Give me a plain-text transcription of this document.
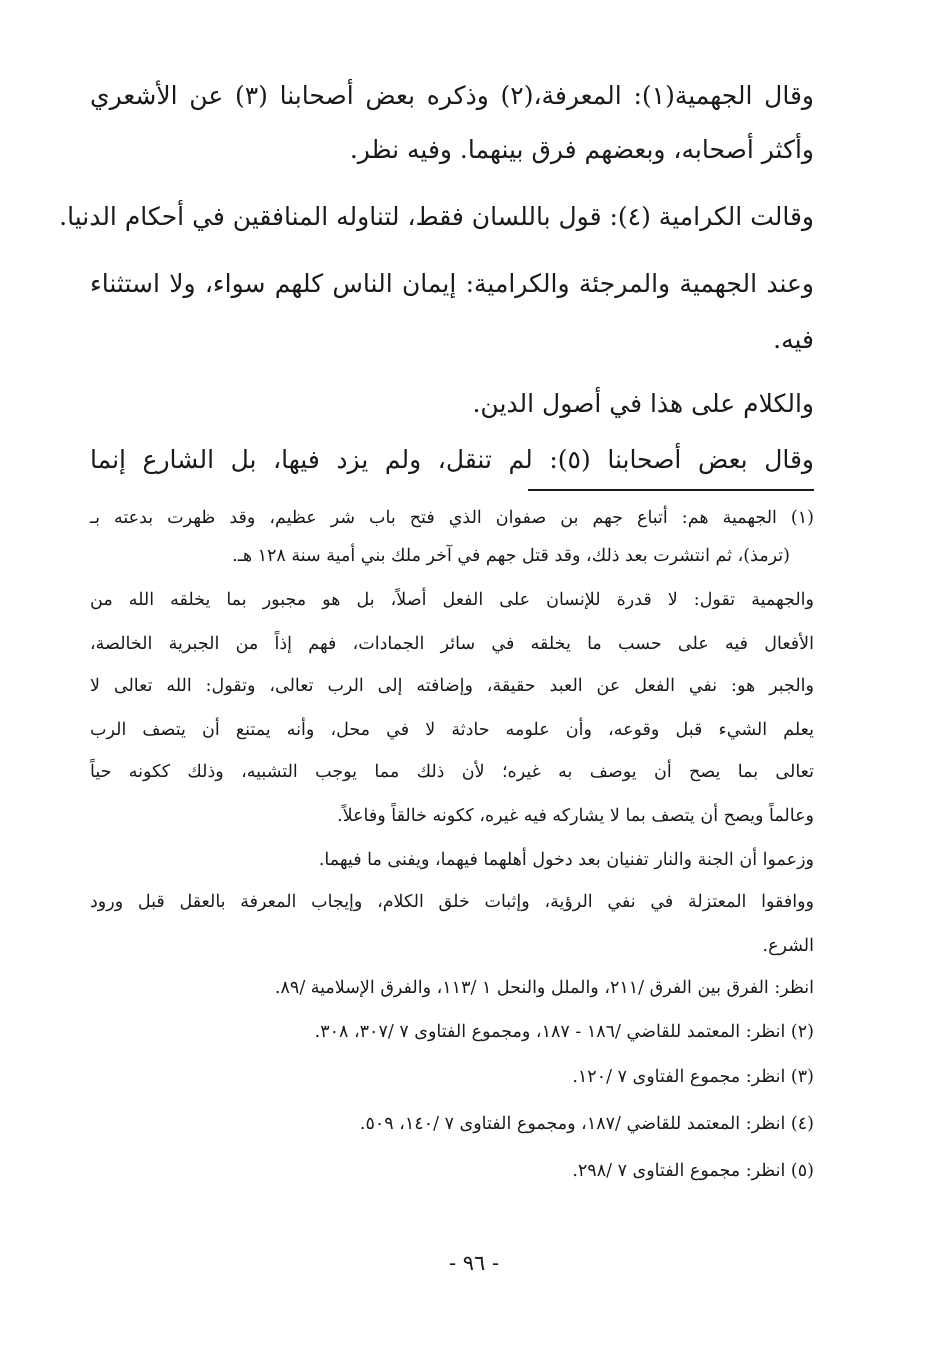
وقال الجهمية(١): المعرفة،(٢) وذكره بعض أصحابنا (٣) عن الأشعري
وأكثر أصحابه، وبعضهم فرق بينهما. وفيه نظر.
وقالت الكرامية (٤): قول باللسان فقط، لتناوله المنافقين في أحكام الدنيا.
وعند الجهمية والمرجئة والكرامية: إيمان الناس كلهم سواء، ولا استثناء
فيه.
والكلام على هذا في أصول الدين.
وقال بعض أصحابنا (٥): لم تنقل، ولم يزد فيها، بل الشارع إنما
(١) الجهمية هم: أتباع جهم بن صفوان الذي فتح باب شر عظيم، وقد ظهرت بدعته بـ
(ترمذ)، ثم انتشرت بعد ذلك، وقد قتل جهم في آخر ملك بني أمية سنة ١٢٨ هـ.
والجهمية تقول: لا قدرة للإنسان على الفعل أصلاً، بل هو مجبور بما يخلقه الله من
الأفعال فيه على حسب ما يخلقه في سائر الجمادات، فهم إذاً من الجبرية الخالصة،
والجبر هو: نفي الفعل عن العبد حقيقة، وإضافته إلى الرب تعالى، وتقول: الله تعالى لا
يعلم الشيء قبل وقوعه، وأن علومه حادثة لا في محل، وأنه يمتنع أن يتصف الرب
تعالى بما يصح أن يوصف به غيره؛ لأن ذلك مما يوجب التشبيه، وذلك ككونه حياً
وعالماً ويصح أن يتصف بما لا يشاركه فيه غيره، ككونه خالقاً وفاعلاً.
وزعموا أن الجنة والنار تفنيان بعد دخول أهلهما فيهما، ويفنى ما فيهما.
ووافقوا المعتزلة في نفي الرؤية، وإثبات خلق الكلام، وإيجاب المعرفة بالعقل قبل ورود
الشرع.
انظر: الفرق بين الفرق /٢١١، والملل والنحل ١ /١١٣، والفرق الإسلامية /٨٩.
(٢) انظر: المعتمد للقاضي /١٨٦ - ١٨٧، ومجموع الفتاوى ٧ /٣٠٧، ٣٠٨.
(٣) انظر: مجموع الفتاوى ٧ /١٢٠.
(٤) انظر: المعتمد للقاضي /١٨٧، ومجموع الفتاوى ٧ /١٤٠، ٥٠٩.
(٥) انظر: مجموع الفتاوى ٧ /٢٩٨.
- ٩٦ -
